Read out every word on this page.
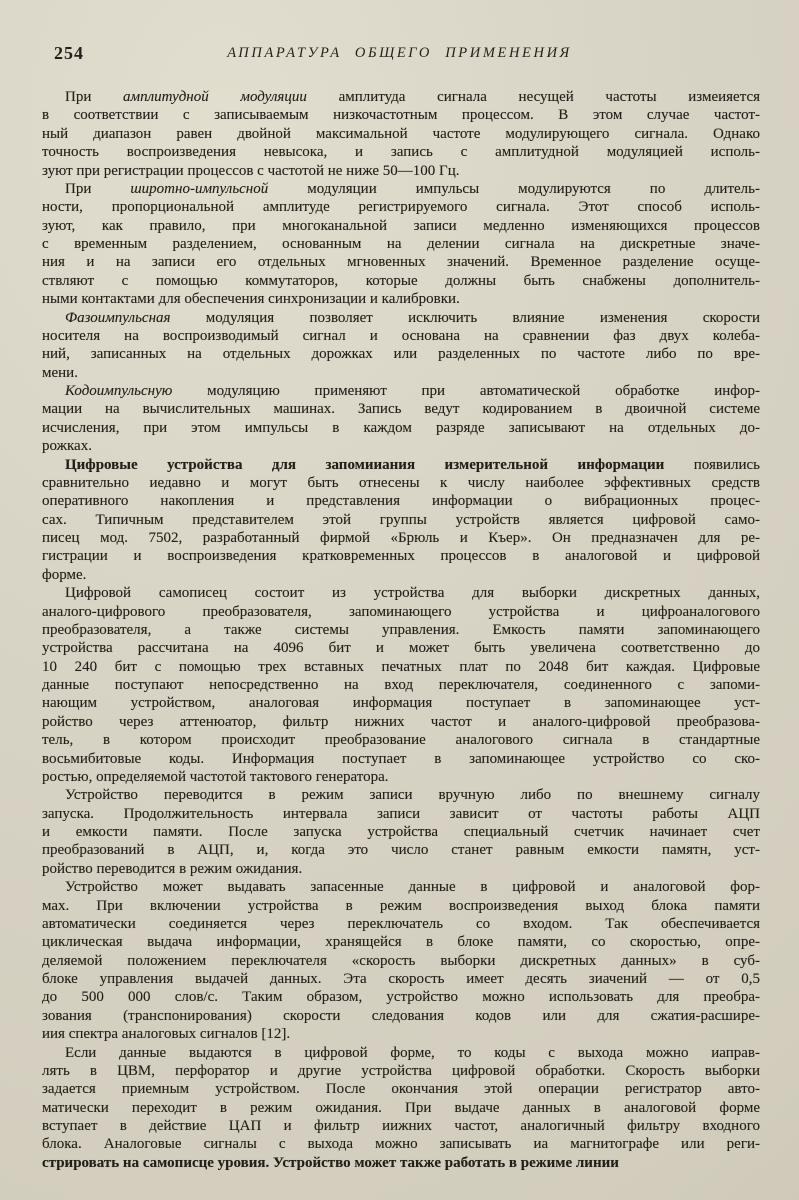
254	АППАРАТУРА ОБЩЕГО ПРИМЕНЕНИЯ
При амплитудной модуляции амплитуда сигнала несущей частоты измеияется
в соответствии с записываемым низкочастотным процессом. В этом случае частот-
ный диапазон равен двойной максимальной частоте модулирующего сигнала. Однако
точность воспроизведения невысока, и запись с амплитудной модуляцией исполь-
зуют при регистрации процессов с частотой не ниже 50—100 Гц.
При широтно-импульсной модуляции импульсы модулируются по длитель-
ности, пропорциональной амплитуде регистрируемого сигнала. Этот способ исполь-
зуют, как правило, при многоканальной записи медленно изменяющихся процессов
с временным разделением, основанным на делении сигнала на дискретные значе-
ния и на записи его отдельных мгновенных значений. Временное разделение осуще-
ствляют с помощью коммутаторов, которые должны быть снабжены дополнитель-
ными контактами для обеспечения синхронизации и калибровки.
Фазоимпульсная модуляция позволяет исключить влияние изменения скорости
носителя на воспроизводимый сигнал и основана на сравнении фаз двух колеба-
ний, записанных на отдельных дорожках или разделенных по частоте либо по вре-
мени.
Кодоимпульсную модуляцию применяют при автоматической обработке инфор-
мации на вычислительных машинах. Запись ведут кодированием в двоичной системе
исчисления, при этом импульсы в каждом разряде записывают на отдельных до-
рожках.
Цифровые устройства для запомииания измерительной информации появились
сравнительно иедавно и могут быть отнесены к числу наиболее эффективных средств
оперативного накопления и представления информации о вибрационных процес-
сах. Типичным представителем этой группы устройств является цифровой само-
писец мод. 7502, разработанный фирмой «Брюль и Къер». Он предназначен для ре-
гистрации и воспроизведения кратковременных процессов в аналоговой и цифровой
форме.
Цифровой самописец состоит из устройства для выборки дискретных данных,
аналого-цифрового преобразователя, запоминающего устройства и цифроаналогового
преобразователя, а также системы управления. Емкость памяти запоминающего
устройства рассчитана на 4096 бит и может быть увеличена соответственно до
10 240 бит с помощью трех вставных печатных плат по 2048 бит каждая. Цифровые
данные поступают непосредственно на вход переключателя, соединенного с запоми-
нающим устройством, аналоговая информация поступает в запоминающее уст-
ройство через аттенюатор, фильтр нижних частот и аналого-цифровой преобразова-
тель, в котором происходит преобразование аналогового сигнала в стандартные
восьмибитовые коды. Информация поступает в запоминающее устройство со ско-
ростью, определяемой частотой тактового генератора.
Устройство переводится в режим записи вручную либо по внешнему сигналу
запуска. Продолжительность интервала записи зависит от частоты работы АЦП
и емкости памяти. После запуска устройства специальный счетчик начинает счет
преобразований в АЦП, и, когда это число станет равным емкости памятн, уст-
ройство переводится в режим ожидания.
Устройство может выдавать запасенные данные в цифровой и аналоговой фор-
мах. При включении устройства в режим воспроизведения выход блока памяти
автоматически соединяется через переключатель со входом. Так обеспечивается
циклическая выдача информации, хранящейся в блоке памяти, со скоростью, опре-
деляемой положением переключателя «скорость выборки дискретных данных» в суб-
блоке управления выдачей данных. Эта скорость имеет десять зиачений — от 0,5
до 500 000 слов/с. Таким образом, устройство можно использовать для преобра-
зования (транспонирования) скорости следования кодов или для сжатия-расшире-
иия спектра аналоговых сигналов [12].
Если данные выдаются в цифровой форме, то коды с выхода можно иаправ-
лять в ЦВМ, перфоратор и другие устройства цифровой обработки. Скорость выборки
задается приемным устройством. После окончания этой операции регистратор авто-
матически переходит в режим ожидания. При выдаче данных в аналоговой форме
вступает в действие ЦАП и фильтр иижних частот, аналогичный фильтру входного
блока. Аналоговые сигналы с выхода можно записывать иа магнитографе или реги-
стрировать на самописце уровия. Устройство может также работать в режиме линии
